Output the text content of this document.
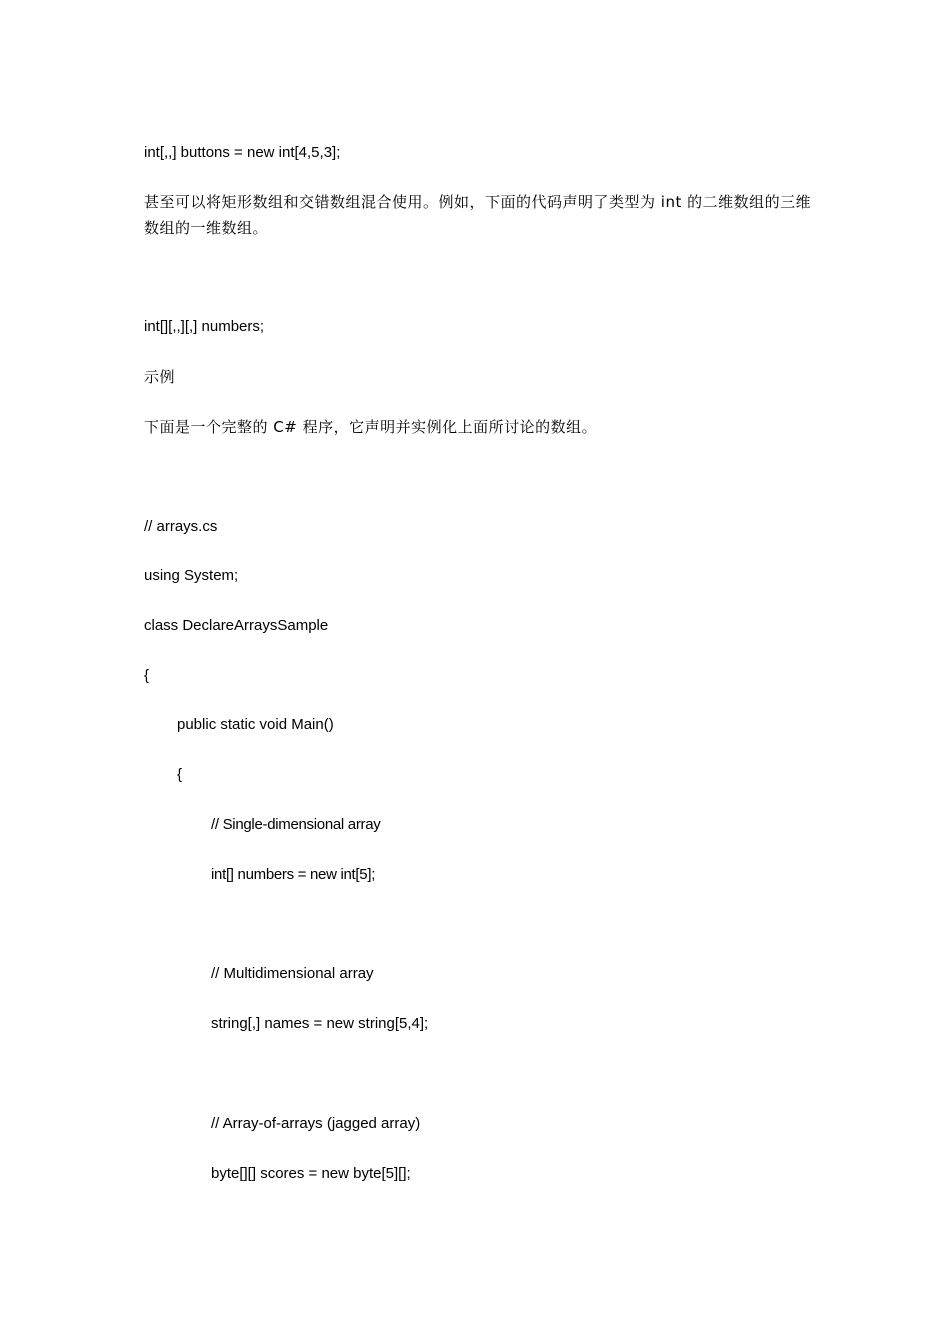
int[,,] buttons = new int[4,5,3];
甚至可以将矩形数组和交错数组混合使用。例如，下面的代码声明了类型为 int 的二维数组的三维数组的一维数组。
int[][,,][,] numbers;
示例
下面是一个完整的 C# 程序，它声明并实例化上面所讨论的数组。
// arrays.cs
using System;
class DeclareArraysSample
{
public static void Main()
{
// Single-dimensional array
int[] numbers = new int[5];
// Multidimensional array
string[,] names = new string[5,4];
// Array-of-arrays (jagged array)
byte[][] scores = new byte[5][];
